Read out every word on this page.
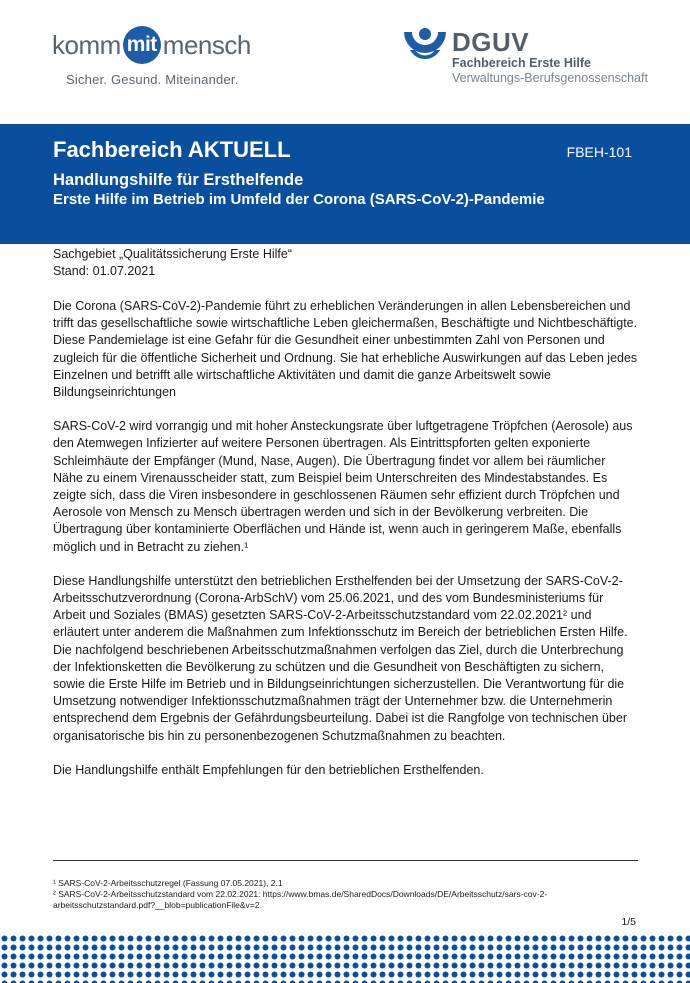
komm mit mensch
Sicher. Gesund. Miteinander.
DGUV
Fachbereich Erste Hilfe
Verwaltungs-Berufsgenossenschaft
Fachbereich AKTUELL	FBEH-101
Handlungshilfe für Ersthelfende
Erste Hilfe im Betrieb im Umfeld der Corona (SARS-CoV-2)-Pandemie
Sachgebiet „Qualitätssicherung Erste Hilfe“
Stand: 01.07.2021

Die Corona (SARS-CoV-2)-Pandemie führt zu erheblichen Veränderungen in allen Lebensbereichen und trifft das gesellschaftliche sowie wirtschaftliche Leben gleichermaßen, Beschäftigte und Nichtbeschäftigte. Diese Pandemielage ist eine Gefahr für die Gesundheit einer unbestimmten Zahl von Personen und zugleich für die öffentliche Sicherheit und Ordnung. Sie hat erhebliche Auswirkungen auf das Leben jedes Einzelnen und betrifft alle wirtschaftliche Aktivitäten und damit die ganze Arbeitswelt sowie Bildungseinrichtungen

SARS-CoV-2 wird vorrangig und mit hoher Ansteckungsrate über luftgetragene Tröpfchen (Aerosole) aus den Atemwegen Infizierter auf weitere Personen übertragen. Als Eintrittspforten gelten exponierte Schleimhäute der Empfänger (Mund, Nase, Augen). Die Übertragung findet vor allem bei räumlicher Nähe zu einem Virenausscheider statt, zum Beispiel beim Unterschreiten des Mindestabstandes. Es zeigte sich, dass die Viren insbesondere in geschlossenen Räumen sehr effizient durch Tröpfchen und Aerosole von Mensch zu Mensch übertragen werden und sich in der Bevölkerung verbreiten. Die Übertragung über kontaminierte Oberflächen und Hände ist, wenn auch in geringerem Maße, ebenfalls möglich und in Betracht zu ziehen.¹

Diese Handlungshilfe unterstützt den betrieblichen Ersthelfenden bei der Umsetzung der SARS-CoV-2-Arbeitsschutzverordnung (Corona-ArbSchV) vom 25.06.2021, und des vom Bundesministeriums für Arbeit und Soziales (BMAS) gesetzten SARS-CoV-2-Arbeitsschutzstandard vom 22.02.2021² und erläutert unter anderem die Maßnahmen zum Infektionsschutz im Bereich der betrieblichen Ersten Hilfe. Die nachfolgend beschriebenen Arbeitsschutzmaßnahmen verfolgen das Ziel, durch die Unterbrechung der Infektionsketten die Bevölkerung zu schützen und die Gesundheit von Beschäftigten zu sichern, sowie die Erste Hilfe im Betrieb und in Bildungseinrichtungen sicherzustellen. Die Verantwortung für die Umsetzung notwendiger Infektionsschutzmaßnahmen trägt der Unternehmer bzw. die Unternehmerin entsprechend dem Ergebnis der Gefährdungsbeurteilung. Dabei ist die Rangfolge von technischen über organisatorische bis hin zu personenbezogenen Schutzmaßnahmen zu beachten.

Die Handlungshilfe enthält Empfehlungen für den betrieblichen Ersthelfenden.

¹ SARS-CoV-2-Arbeitsschutzregel (Fassung 07.05.2021), 2.1
² SARS-CoV-2-Arbeitsschutzstandard vom 22.02.2021: https://www.bmas.de/SharedDocs/Downloads/DE/Arbeitsschutz/sars-cov-2-arbeitsschutzstandard.pdf?__blob=publicationFile&v=2
1/5
